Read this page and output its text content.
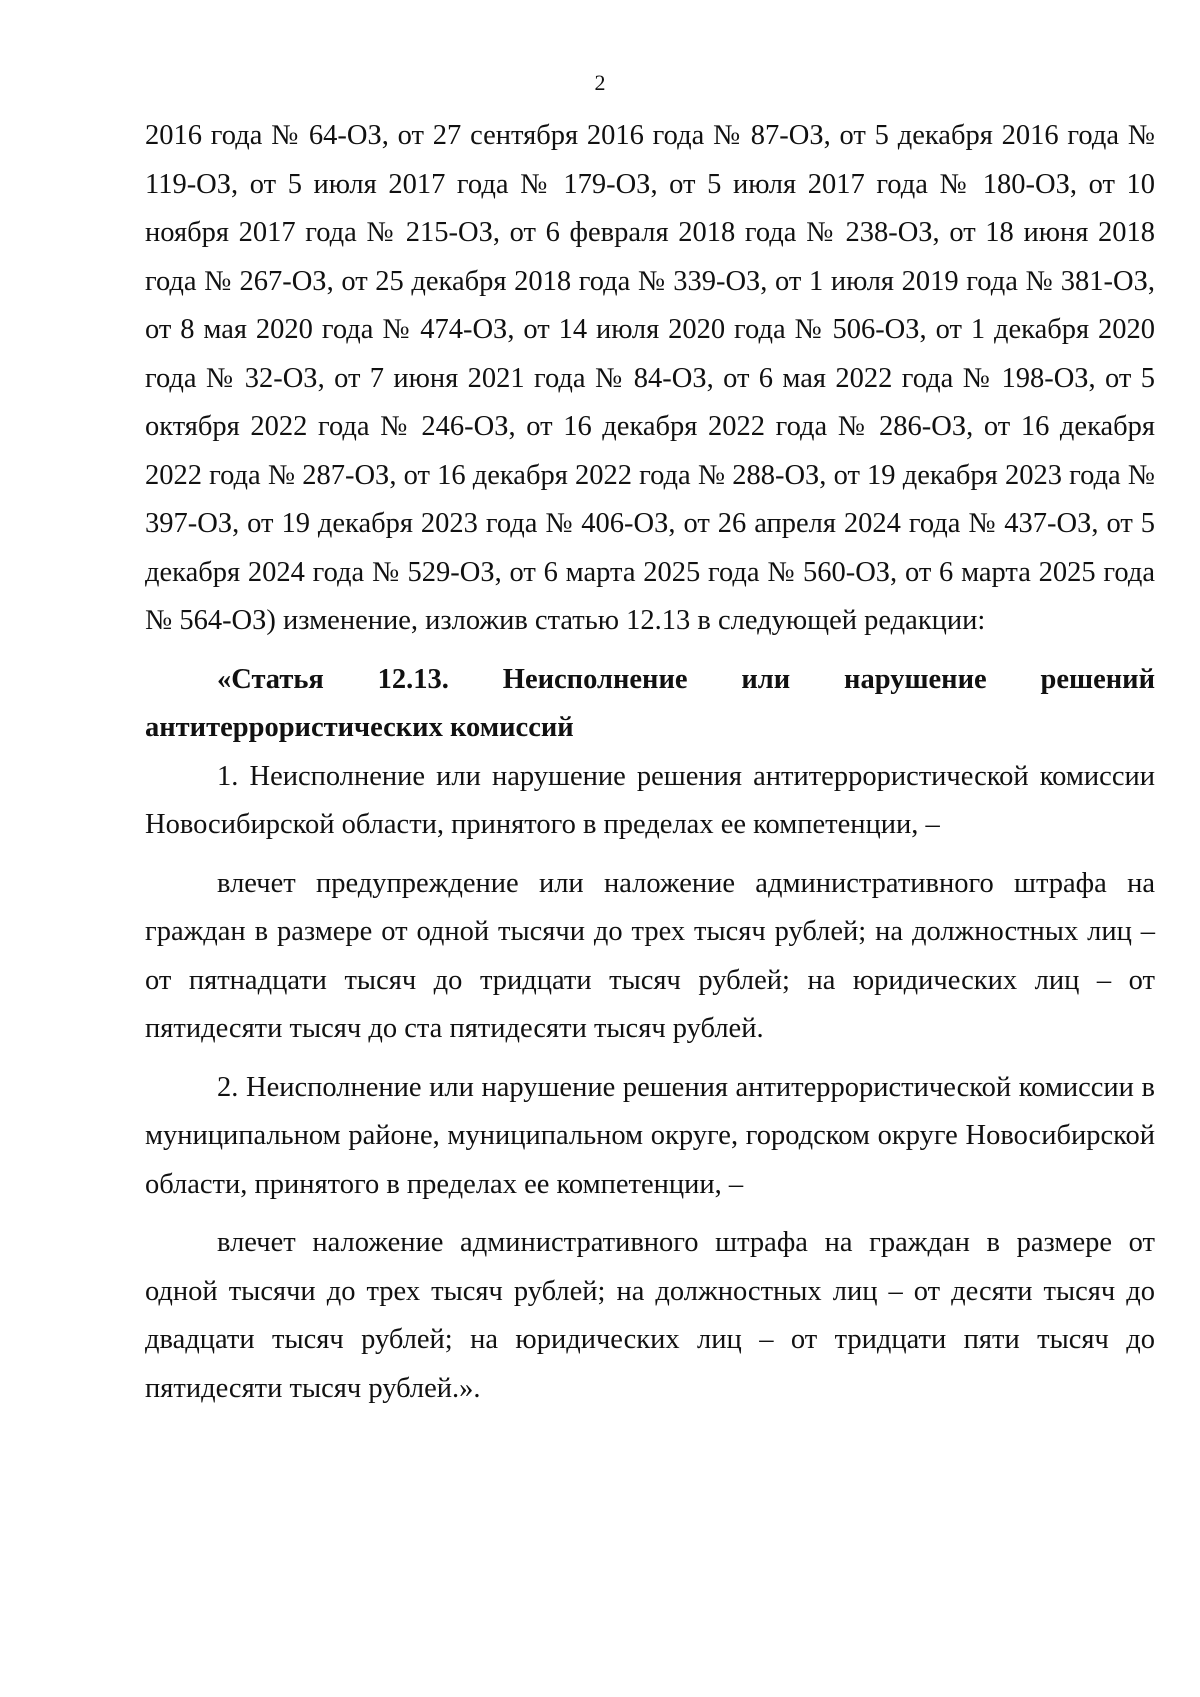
2

2016 года № 64-ОЗ, от 27 сентября 2016 года № 87-ОЗ, от 5 декабря 2016 года № 119-ОЗ, от 5 июля 2017 года № 179-ОЗ, от 5 июля 2017 года № 180-ОЗ, от 10 ноября 2017 года № 215-ОЗ, от 6 февраля 2018 года № 238-ОЗ, от 18 июня 2018 года № 267-ОЗ, от 25 декабря 2018 года № 339-ОЗ, от 1 июля 2019 года № 381-ОЗ, от 8 мая 2020 года № 474-ОЗ, от 14 июля 2020 года № 506-ОЗ, от 1 декабря 2020 года № 32-ОЗ, от 7 июня 2021 года № 84-ОЗ, от 6 мая 2022 года № 198-ОЗ, от 5 октября 2022 года № 246-ОЗ, от 16 декабря 2022 года № 286-ОЗ, от 16 декабря 2022 года № 287-ОЗ, от 16 декабря 2022 года № 288-ОЗ, от 19 декабря 2023 года № 397-ОЗ, от 19 декабря 2023 года № 406-ОЗ, от 26 апреля 2024 года № 437-ОЗ, от 5 декабря 2024 года № 529-ОЗ, от 6 марта 2025 года № 560-ОЗ, от 6 марта 2025 года № 564-ОЗ) изменение, изложив статью 12.13 в следующей редакции:

«Статья 12.13. Неисполнение или нарушение решений антитеррористических комиссий

1. Неисполнение или нарушение решения антитеррористической комиссии Новосибирской области, принятого в пределах ее компетенции, –

влечет предупреждение или наложение административного штрафа на граждан в размере от одной тысячи до трех тысяч рублей; на должностных лиц – от пятнадцати тысяч до тридцати тысяч рублей; на юридических лиц – от пятидесяти тысяч до ста пятидесяти тысяч рублей.

2. Неисполнение или нарушение решения антитеррористической комиссии в муниципальном районе, муниципальном округе, городском округе Новосибирской области, принятого в пределах ее компетенции, –

влечет наложение административного штрафа на граждан в размере от одной тысячи до трех тысяч рублей; на должностных лиц – от десяти тысяч до двадцати тысяч рублей; на юридических лиц – от тридцати пяти тысяч до пятидесяти тысяч рублей.».
